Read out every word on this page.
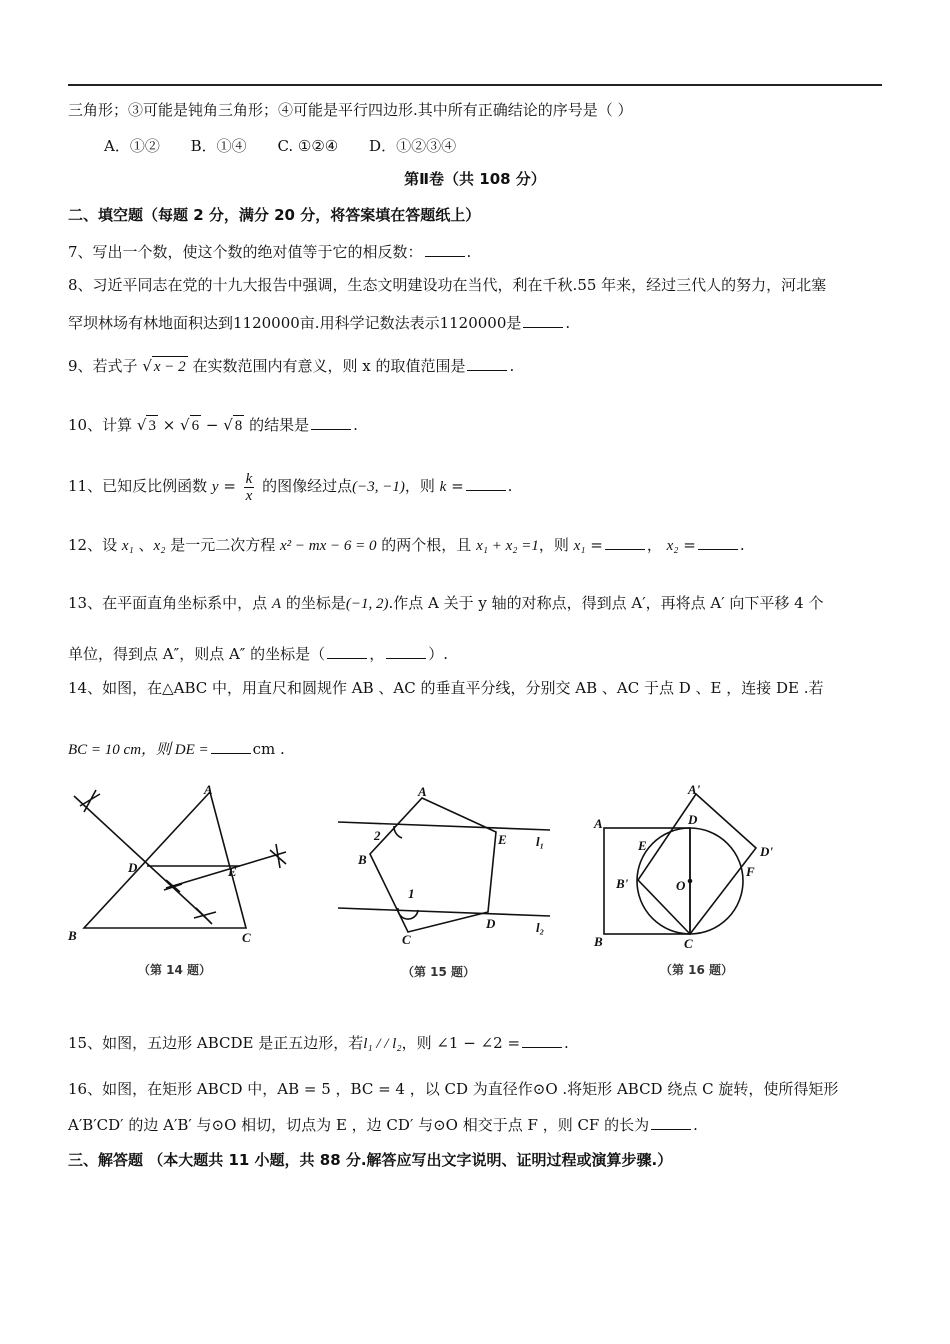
三角形；③可能是钝角三角形；④可能是平行四边形.其中所有正确结论的序号是（ ）
A．①② B．①④ C. ①②④ D．①②③④
第Ⅱ卷（共 108 分）
二、填空题（每题 2 分，满分 20 分，将答案填在答题纸上）
7、写出一个数，使这个数的绝对值等于它的相反数：	.
8、习近平同志在党的十九大报告中强调，生态文明建设功在当代，利在千秋.55 年来，经过三代人的努力，河北塞
罕坝林场有林地面积达到1120000亩.用科学记数法表示1120000是	.
9、若式子 √ x − 2 在实数范围内有意义，则 x 的取值范围是	.
10、计算 √ 3 × √ 6 − √ 8 的结果是	.
11、已知反比例函数 $y = \frac{k}{x}$ 的图像经过点(−3, −1)，则 k =	.
12、设 x₁ 、x₂ 是一元二次方程 x² − mx − 6 = 0 的两个根，且 x₁ + x₂ =1，则 x₁ =	， x₂ =	.
13、在平面直角坐标系中，点 A 的坐标是(−1, 2).作点 A 关于 y 轴的对称点，得到点 A′，再将点 A′ 向下平移 4 个
单位，得到点 A″，则点 A″ 的坐标是（	，	）.
14、如图，在△ABC 中，用直尺和圆规作 AB 、AC 的垂直平分线，分别交 AB 、AC 于点 D 、E ，连接 DE .若
BC = 10 cm，则 DE =	cm .
A
B	C
D	E
（第 14 题）
A
B
C
D
E l₁
l₂
2
1
（第 15 题）
A
B	C
D
E
F
O
A'
B'
D'
（第 16 题）
15、如图，五边形 ABCDE 是正五边形，若l₁ / / l₂，则 ∠1 − ∠2 =	.
16、如图，在矩形 ABCD 中，AB = 5 ，BC = 4 ，以 CD 为直径作⊙O .将矩形 ABCD 绕点 C 旋转，使所得矩形
A′B′CD′ 的边 A′B′ 与⊙O 相切，切点为 E ，边 CD′ 与⊙O 相交于点 F ，则 CF 的长为	.
三、解答题 （本大题共 11 小题，共 88 分.解答应写出文字说明、证明过程或演算步骤.）
